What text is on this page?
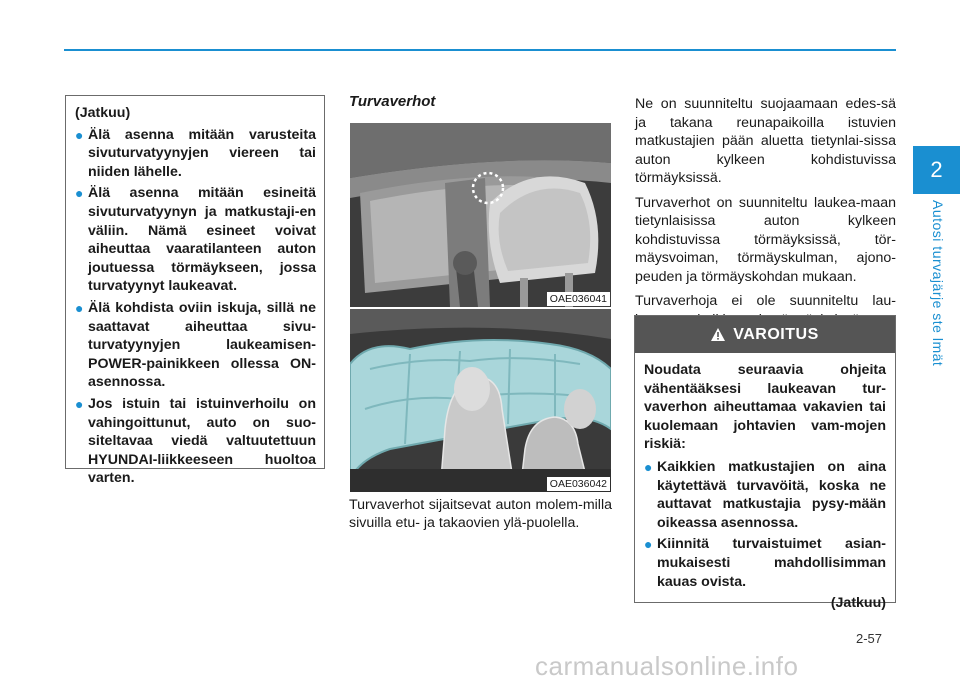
2
Autosi turvajärje ste lmät
(Jatkuu)
● Älä asenna mitään varusteita sivuturvatyynyjen viereen tai niiden lähelle.
● Älä asenna mitään esineitä sivuturvatyynyn ja matkustaji-en väliin. Nämä esineet voivat aiheuttaa vaaratilanteen auton joutuessa törmäykseen, jossa turvatyynyt laukeavat.
● Älä kohdista oviin iskuja, sillä ne saattavat aiheuttaa sivu-turvatyynyjen laukeamisen-POWER-painikkeen ollessa ON-asennossa.
● Jos istuin tai istuinverhoilu on vahingoittunut, auto on suo-siteltavaa viedä valtuutettuun HYUNDAI-liikkeeseen huoltoa varten.
Turvaverhot
OAE036041
OAE036042
Turvaverhot sijaitsevat auton molem-milla sivuilla etu- ja takaovien ylä-puolella.

Ne on suunniteltu suojaamaan edes-sä ja takana reunapaikoilla istuvien matkustajien pään aluetta tietynlai-sissa auton kylkeen kohdistuvissa törmäyksissä.

Turvaverhot on suunniteltu laukea-maan tietynlaisissa auton kylkeen kohdistuvissa törmäyksissä, tör-mäysvoiman, törmäyskulman, ajono-peuden ja törmäyskohdan mukaan.

Turvaverhoja ei ole suunniteltu lau-

VAROITUS
Noudata seuraavia ohjeita vähentääksesi laukeavan tur-vaverhon aiheuttamaa vakavien tai kuolemaan johtavien vam-mojen riskiä:
● Kaikkien matkustajien on aina käytettävä turvavöitä, koska ne auttavat matkustajia pysy-mään oikeassa asennossa.
● Kiinnitä turvaistuimet asian-mukaisesti mahdollisimman kauas ovista.
(Jatkuu)
2-57
carmanualsonline.info
